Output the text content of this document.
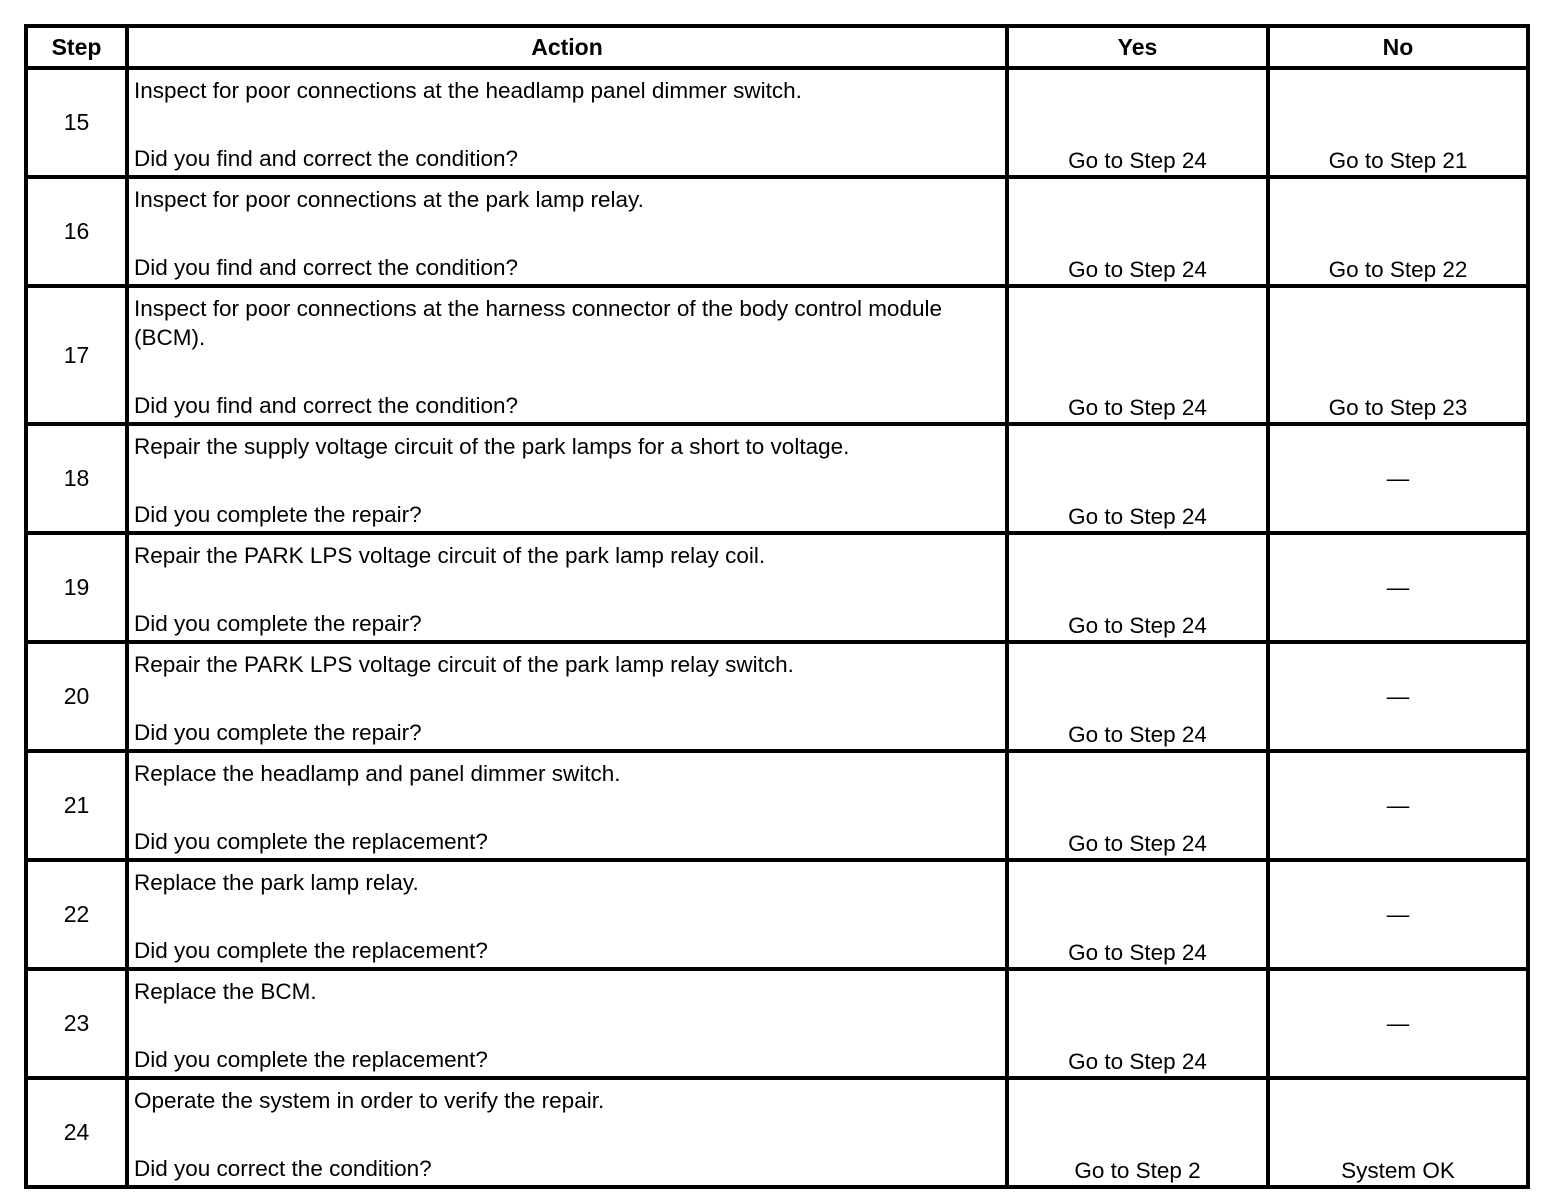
Step	Action	Yes	No
15	Inspect for poor connections at the headlamp panel dimmer switch.

Did you find and correct the condition?	Go to Step 24	Go to Step 21
16	Inspect for poor connections at the park lamp relay.

Did you find and correct the condition?	Go to Step 24	Go to Step 22
17	Inspect for poor connections at the harness connector of the body control module (BCM).

Did you find and correct the condition?	Go to Step 24	Go to Step 23
18	Repair the supply voltage circuit of the park lamps for a short to voltage.

Did you complete the repair?	Go to Step 24	—
19	Repair the PARK LPS voltage circuit of the park lamp relay coil.

Did you complete the repair?	Go to Step 24	—
20	Repair the PARK LPS voltage circuit of the park lamp relay switch.

Did you complete the repair?	Go to Step 24	—
21	Replace the headlamp and panel dimmer switch.

Did you complete the replacement?	Go to Step 24	—
22	Replace the park lamp relay.

Did you complete the replacement?	Go to Step 24	—
23	Replace the BCM.

Did you complete the replacement?	Go to Step 24	—
24	Operate the system in order to verify the repair.

Did you correct the condition?	Go to Step 2	System OK
